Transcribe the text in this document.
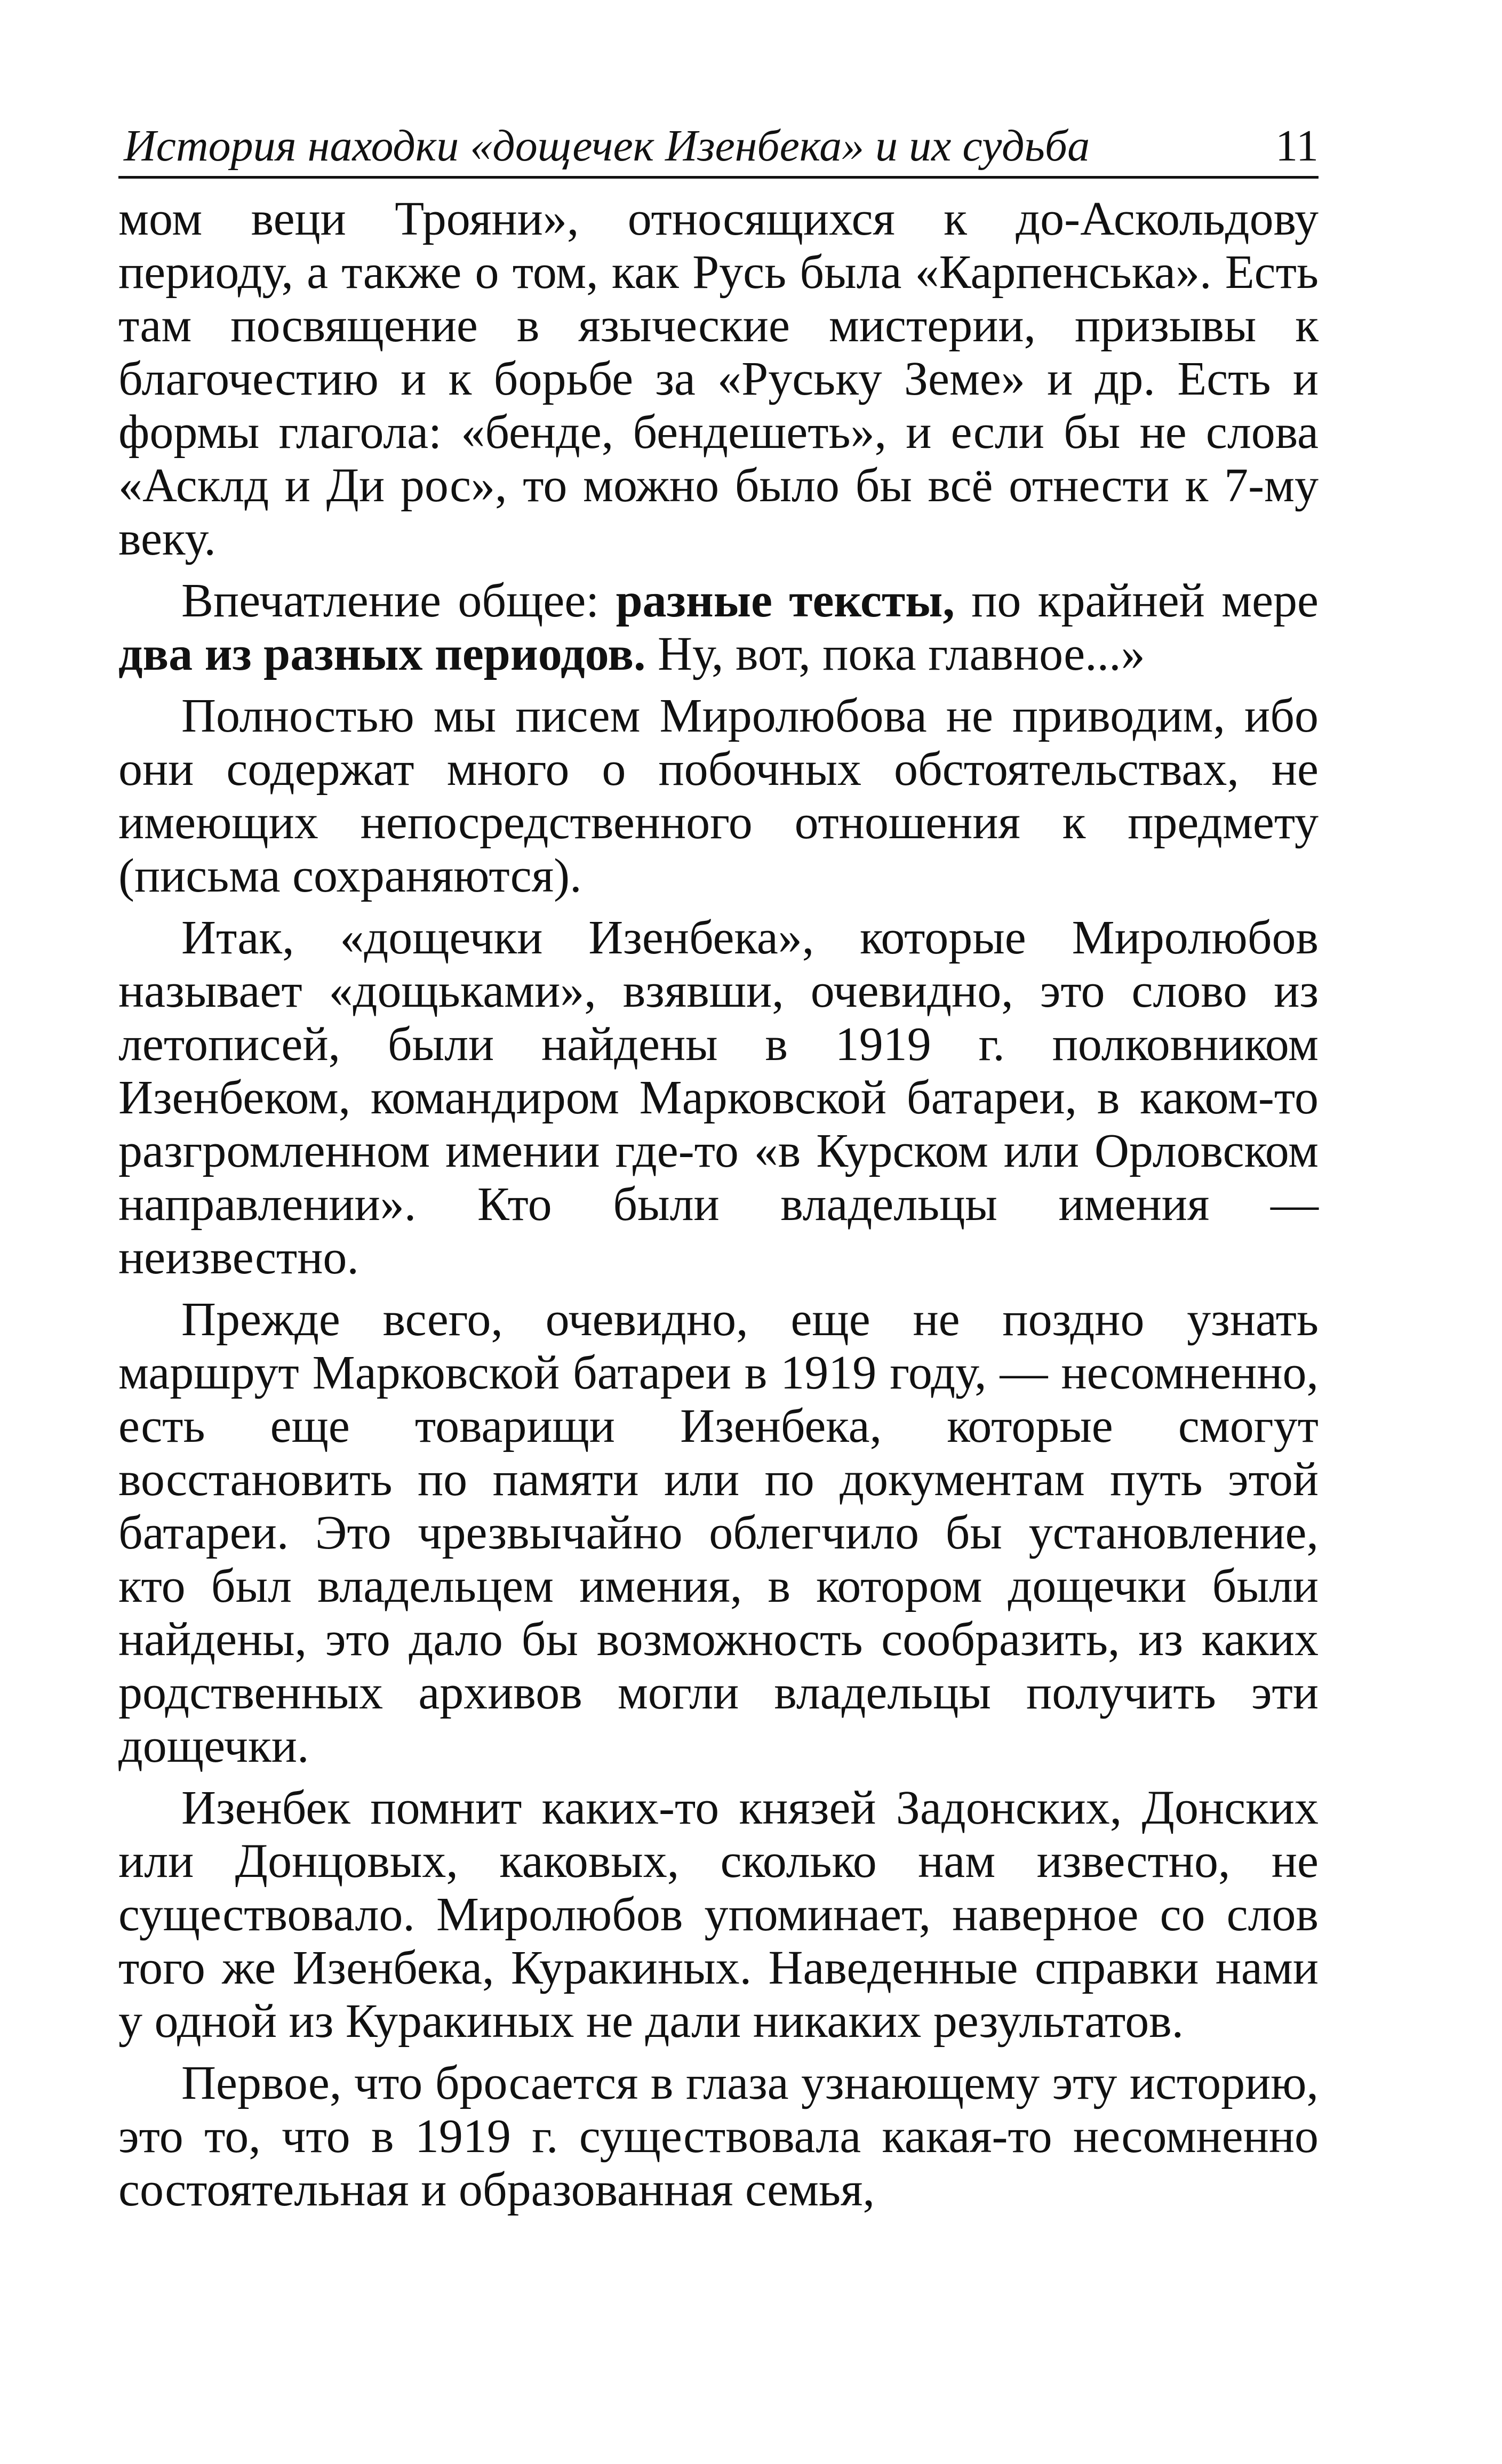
История находки «дощечек Изенбека» и их судьба	11

мом веци Трояни», относящихся к до-Аскольдову периоду, а также о том, как Русь была «Карпенська». Есть там посвящение в языческие мистерии, призывы к благочестию и к борьбе за «Руську Земе» и др. Есть и формы глагола: «бенде, бендешеть», и если бы не слова «Асклд и Ди рос», то можно было бы всё отнести к 7-му веку.

Впечатление общее: разные тексты, по крайней мере два из разных периодов. Ну, вот, пока главное...»

Полностью мы писем Миролюбова не приводим, ибо они содержат много о побочных обстоятельствах, не имеющих непосредственного отношения к предмету (письма сохраняются).

Итак, «дощечки Изенбека», которые Миролюбов называет «дощьками», взявши, очевидно, это слово из летописей, были найдены в 1919 г. полковником Изенбеком, командиром Марковской батареи, в каком-то разгромленном имении где-то «в Курском или Орловском направлении». Кто были владельцы имения — неизвестно.

Прежде всего, очевидно, еще не поздно узнать маршрут Марковской батареи в 1919 году, — несомненно, есть еще товарищи Изенбека, которые смогут восстановить по памяти или по документам путь этой батареи. Это чрезвычайно облегчило бы установление, кто был владельцем имения, в котором дощечки были найдены, это дало бы возможность сообразить, из каких родственных архивов могли владельцы получить эти дощечки.

Изенбек помнит каких-то князей Задонских, Донских или Донцовых, каковых, сколько нам известно, не существовало. Миролюбов упоминает, наверное со слов того же Изенбека, Куракиных. Наведенные справки нами у одной из Куракиных не дали никаких результатов.

Первое, что бросается в глаза узнающему эту историю, это то, что в 1919 г. существовала какая-то несомненно состоятельная и образованная семья,
